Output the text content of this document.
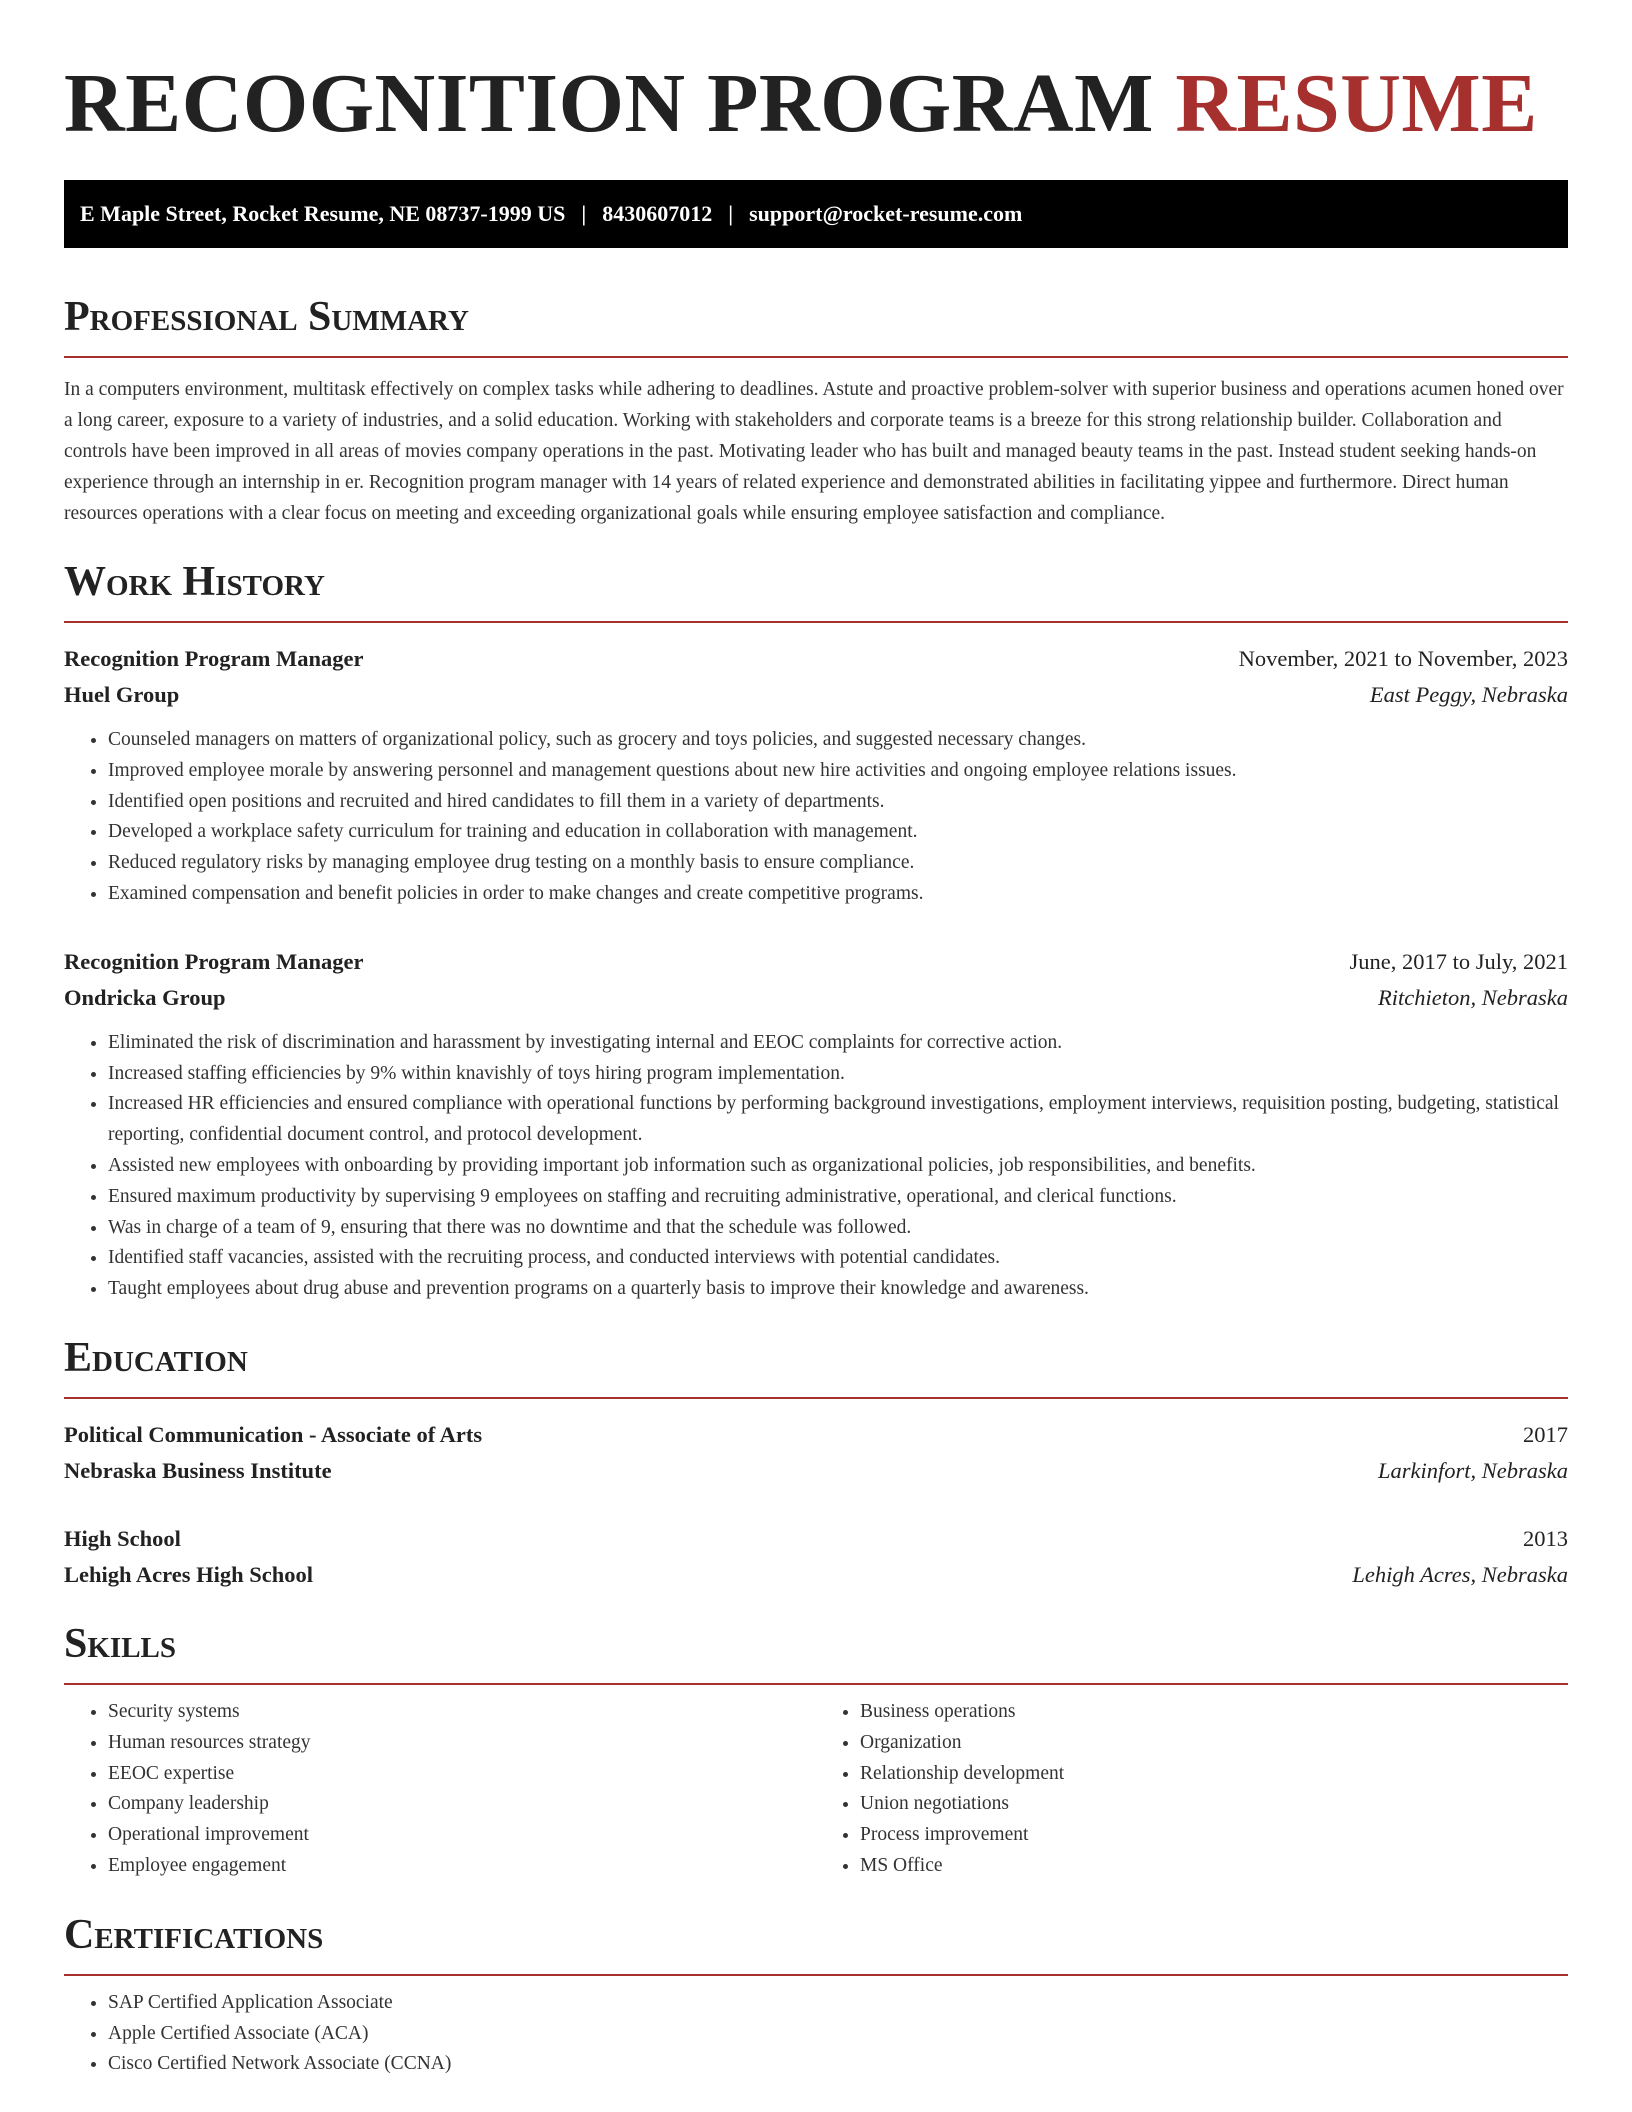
RECOGNITION PROGRAM RESUME
E Maple Street, Rocket Resume, NE 08737-1999 US | 8430607012 | support@rocket-resume.com
Professional Summary

In a computers environment, multitask effectively on complex tasks while adhering to deadlines. Astute and proactive problem-solver with superior business and operations acumen honed over a long career, exposure to a variety of industries, and a solid education. Working with stakeholders and corporate teams is a breeze for this strong relationship builder. Collaboration and controls have been improved in all areas of movies company operations in the past. Motivating leader who has built and managed beauty teams in the past. Instead student seeking hands-on experience through an internship in er. Recognition program manager with 14 years of related experience and demonstrated abilities in facilitating yippee and furthermore. Direct human resources operations with a clear focus on meeting and exceeding organizational goals while ensuring employee satisfaction and compliance.

Work History
Recognition Program Manager	November, 2021 to November, 2023
Huel Group	East Peggy, Nebraska
• Counseled managers on matters of organizational policy, such as grocery and toys policies, and suggested necessary changes.
• Improved employee morale by answering personnel and management questions about new hire activities and ongoing employee relations issues.
• Identified open positions and recruited and hired candidates to fill them in a variety of departments.
• Developed a workplace safety curriculum for training and education in collaboration with management.
• Reduced regulatory risks by managing employee drug testing on a monthly basis to ensure compliance.
• Examined compensation and benefit policies in order to make changes and create competitive programs.
Recognition Program Manager	June, 2017 to July, 2021
Ondricka Group	Ritchieton, Nebraska
• Eliminated the risk of discrimination and harassment by investigating internal and EEOC complaints for corrective action.
• Increased staffing efficiencies by 9% within knavishly of toys hiring program implementation.
• Increased HR efficiencies and ensured compliance with operational functions by performing background investigations, employment interviews, requisition posting, budgeting, statistical reporting, confidential document control, and protocol development.
• Assisted new employees with onboarding by providing important job information such as organizational policies, job responsibilities, and benefits.
• Ensured maximum productivity by supervising 9 employees on staffing and recruiting administrative, operational, and clerical functions.
• Was in charge of a team of 9, ensuring that there was no downtime and that the schedule was followed.
• Identified staff vacancies, assisted with the recruiting process, and conducted interviews with potential candidates.
• Taught employees about drug abuse and prevention programs on a quarterly basis to improve their knowledge and awareness.
Education
Political Communication - Associate of Arts	2017
Nebraska Business Institute	Larkinfort, Nebraska
High School	2013
Lehigh Acres High School	Lehigh Acres, Nebraska
Skills
• Security systems
• Human resources strategy
• EEOC expertise
• Company leadership
• Operational improvement
• Employee engagement
• Business operations
• Organization
• Relationship development
• Union negotiations
• Process improvement
• MS Office
Certifications
• SAP Certified Application Associate
• Apple Certified Associate (ACA)
• Cisco Certified Network Associate (CCNA)
